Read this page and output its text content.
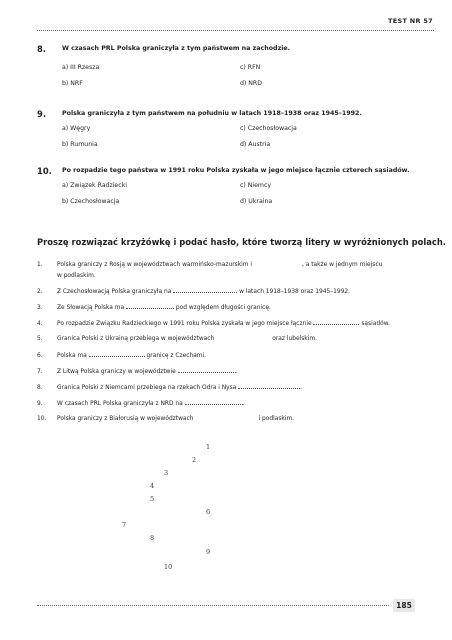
TEST NR 57
8.	W czasach PRL Polska graniczyła z tym państwem na zachodzie.
a) III Rzesza	c) RFN
b) NRF	d) NRD
9.	Polska graniczyła z tym państwem na południu w latach 1918–1938 oraz 1945–1992.
a) Węgry	c) Czechosłowacja
b) Rumunia	d) Austria
10. Po rozpadzie tego państwa w 1991 roku Polska zyskała w jego miejsce łącznie czterech sąsiadów.
a) Związek Radziecki	c) Niemcy
b) Czechosłowacja	d) Ukraina
Proszę rozwiązać krzyżówkę i podać hasło, które tworzą litery w wyróżnionych polach.
1. Polska graniczy z Rosją w województwach warmińsko-mazurskim i	, a także w jednym miejscu
w podlaskim.
2. Z Czechosłowacją Polska graniczyła na	w latach 1918–1938 oraz 1945–1992.
3. Ze Słowacją Polska ma	pod względem długości granicę.
4. Po rozpadzie Związku Radzieckiego w 1991 roku Polska zyskała w jego miejsce łącznie	sąsiadów.
5. Granica Polski z Ukrainą przebiega w województwach	oraz lubelskim.
6. Polska ma	granicę z Czechami.
7. Z Litwą Polska graniczy w województwie	.
8. Granica Polski z Niemcami przebiega na rzekach Odra i Nysa	.
9. W czasach PRL Polska graniczyła z NRD na	.
10. Polska graniczy z Białorusią w województwach	i podlaskim.
1
2
3
4
5
6
7
8
9
10
185
